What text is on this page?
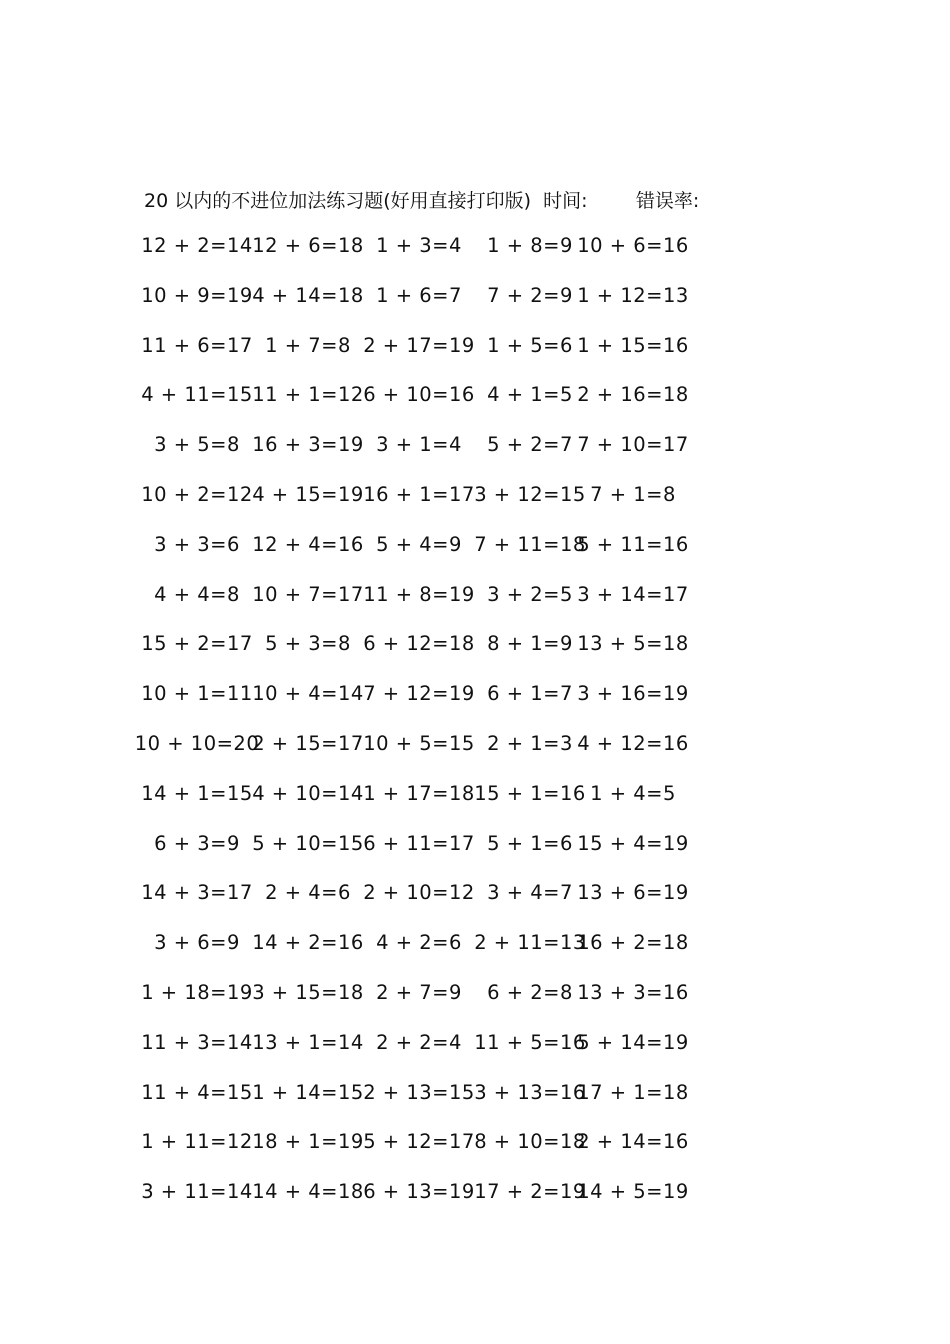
20 以内的不进位加法练习题(好用直接打印版)  时间:        错误率:
12 + 2=14 12 + 6=18 1 + 3=4 1 + 8=9 10 + 6=16
10 + 9=19 4 + 14=18 1 + 6=7 7 + 2=9 1 + 12=13
11 + 6=17 1 + 7=8 2 + 17=19 1 + 5=6 1 + 15=16
4 + 11=15 11 + 1=12 6 + 10=16 4 + 1=5 2 + 16=18
3 + 5=8 16 + 3=19 3 + 1=4 5 + 2=7 7 + 10=17
10 + 2=12 4 + 15=19 16 + 1=17 3 + 12=15 7 + 1=8
3 + 3=6 12 + 4=16 5 + 4=9 7 + 11=18
5 + 11=16
4 + 4=8 10 + 7=17 11 + 8=19 3 + 2=5 3 + 14=17
15 + 2=17 5 + 3=8 6 + 12=18 8 + 1=9 13 + 5=18
10 + 1=11 10 + 4=14 7 + 12=19 6 + 1=7 3 + 16=19
10 + 10=20
2 + 15=17 10 + 5=15 2 + 1=3 4 + 12=16
14 + 1=15 4 + 10=14 1 + 17=18 15 + 1=16 1 + 4=5
6 + 3=9 5 + 10=15 6 + 11=17 5 + 1=6 15 + 4=19
14 + 3=17 2 + 4=6 2 + 10=12 3 + 4=7 13 + 6=19
3 + 6=9 14 + 2=16 4 + 2=6 2 + 11=13
16 + 2=18
1 + 18=19 3 + 15=18 2 + 7=9 6 + 2=8 13 + 3=16
11 + 3=14 13 + 1=14 2 + 2=4 11 + 5=16
5 + 14=19
11 + 4=15 1 + 14=15 2 + 13=15 3 + 13=16
17 + 1=18
1 + 11=12 18 + 1=19 5 + 12=17 8 + 10=18
2 + 14=16
3 + 11=14 14 + 4=18 6 + 13=19 17 + 2=19
14 + 5=19
